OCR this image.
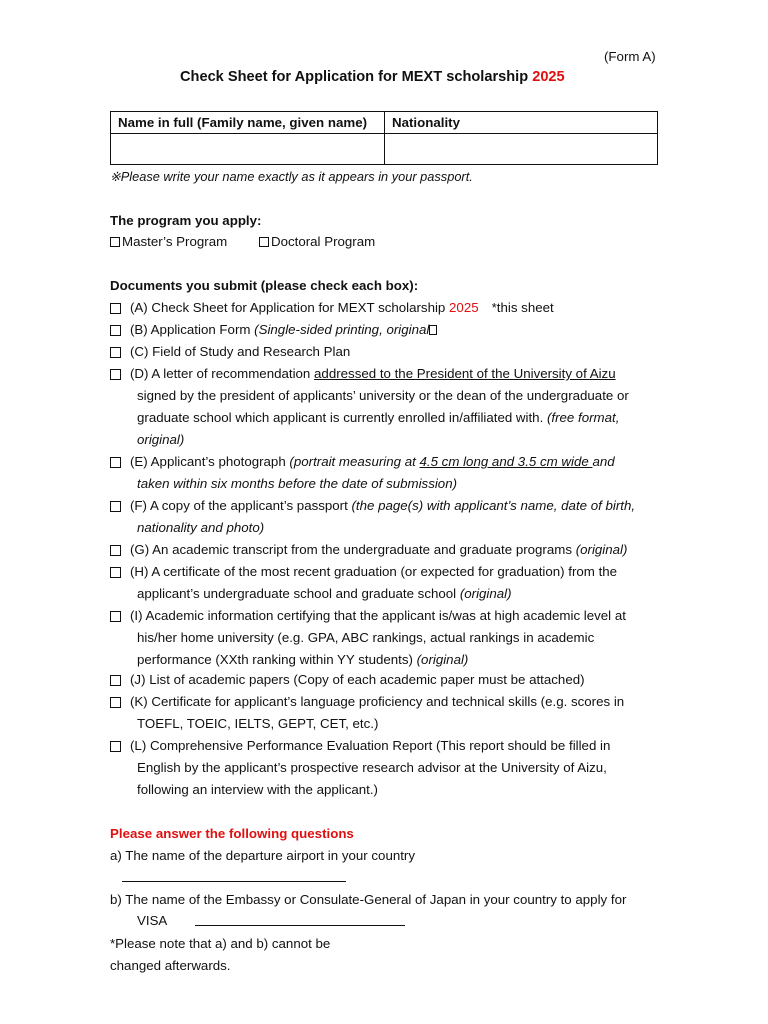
(Form A)
Check Sheet for Application for MEXT scholarship 2025
Name in full (Family name, given name)	Nationality

※Please write your name exactly as it appears in your passport.
The program you apply:
Master’s Program	Doctoral Program
Documents you submit (please check each box):
(A) Check Sheet for Application for MEXT scholarship 2025 *this sheet
(B) Application Form (Single-sided printing, original
(C) Field of Study and Research Plan
(D) A letter of recommendation addressed to the President of the University of Aizu
signed by the president of applicants’ university or the dean of the undergraduate or
graduate school which applicant is currently enrolled in/affiliated with. (free format,
original)
(E) Applicant’s photograph (portrait measuring at 4.5 cm long and 3.5 cm wide and
taken within six months before the date of submission)
(F) A copy of the applicant’s passport (the page(s) with applicant’s name, date of birth,
nationality and photo)
(G) An academic transcript from the undergraduate and graduate programs (original)
(H) A certificate of the most recent graduation (or expected for graduation) from the
applicant’s undergraduate school and graduate school (original)
(I) Academic information certifying that the applicant is/was at high academic level at
his/her home university (e.g. GPA, ABC rankings, actual rankings in academic
performance (XXth ranking within YY students) (original)
(J) List of academic papers (Copy of each academic paper must be attached)
(K) Certificate for applicant’s language proficiency and technical skills (e.g. scores in
TOEFL, TOEIC, IELTS, GEPT, CET, etc.)
(L) Comprehensive Performance Evaluation Report (This report should be filled in
English by the applicant’s prospective research advisor at the University of Aizu,
following an interview with the applicant.)
Please answer the following questions
a) The name of the departure airport in your country
b) The name of the Embassy or Consulate-General of Japan in your country to apply for
VISA
*Please note that a) and b) cannot be
changed afterwards.
